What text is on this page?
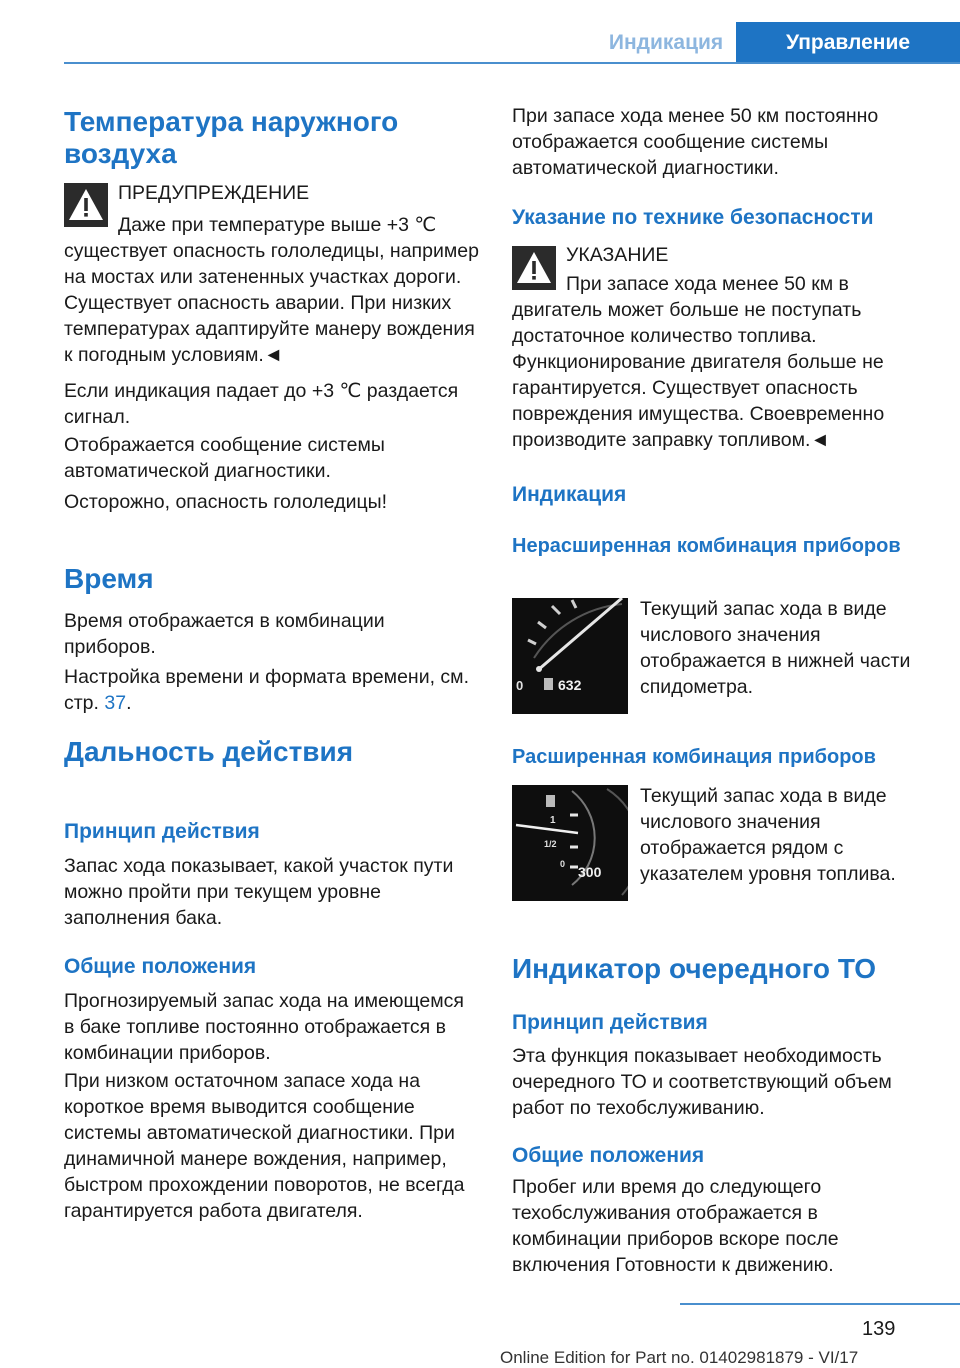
Индикация	Управление
Температура наружного воздуха

ПРЕДУПРЕЖДЕНИЕ

Даже при температуре выше +3 ℃ существует опасность гололедицы, например на мостах или затененных участках дороги. Существует опасность аварии. При низких температурах адаптируйте манеру вождения к погодным условиям.◄

Если индикация падает до +3 ℃ раздается сигнал.

Отображается сообщение системы автоматической диагностики.

Осторожно, опасность гололедицы!

Время

Время отображается в комбинации приборов.

Настройка времени и формата времени, см. стр. 37.

Дальность действия
Принцип действия

Запас хода показывает, какой участок пути можно пройти при текущем уровне заполнения бака.

Общие положения

Прогнозируемый запас хода на имеющемся в баке топливе постоянно отображается в комбинации приборов.

При низком остаточном запасе хода на короткое время выводится сообщение системы автоматической диагностики. При динамичной манере вождения, например, быстром прохождении поворотов, не всегда гарантируется работа двигателя.

При запасе хода менее 50 км постоянно отображается сообщение системы автоматической диагностики.

Указание по технике безопасности

УКАЗАНИЕ

При запасе хода менее 50 км в двигатель может больше не поступать достаточное количество топлива. Функционирование двигателя больше не гарантируется. Существует опасность повреждения имущества. Своевременно производите заправку топливом.◄

Индикация
Нерасширенная комбинация приборов
0 632

Текущий запас хода в виде числового значения отображается в нижней части спидометра.

Расширенная комбинация приборов
1
1/2
0 300

Текущий запас хода в виде числового значения отображается рядом с указателем уровня топлива.

Индикатор очередного ТО
Принцип действия

Эта функция показывает необходимость очередного ТО и соответствующий объем работ по техобслуживанию.

Общие положения

Пробег или время до следующего техобслуживания отображается в комбинации приборов вскоре после включения Готовности к движению.

139
Online Edition for Part no. 01402981879 - VI/17
